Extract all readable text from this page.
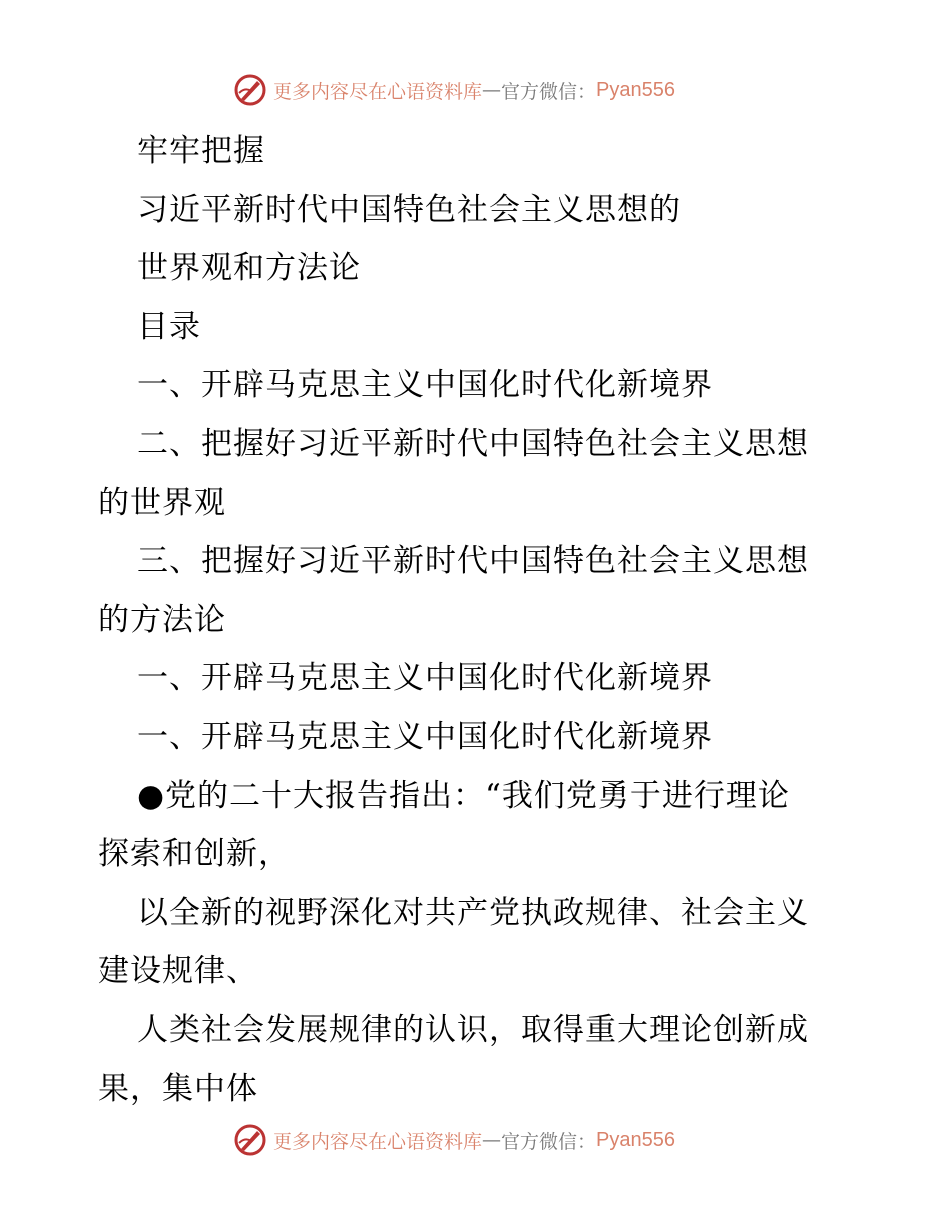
更多内容尽在心语资料库 — 官方微信： Pyan556
牢牢把握
习近平新时代中国特色社会主义思想的
世界观和方法论
目录
一、开辟马克思主义中国化时代化新境界
二、把握好习近平新时代中国特色社会主义思想
的世界观
三、把握好习近平新时代中国特色社会主义思想
的方法论
一、开辟马克思主义中国化时代化新境界
一、开辟马克思主义中国化时代化新境界
●党的二十大报告指出：“我们党勇于进行理论
探索和创新，
以全新的视野深化对共产党执政规律、社会主义
建设规律、
人类社会发展规律的认识，取得重大理论创新成
果，集中体
更多内容尽在心语资料库 — 官方微信： Pyan556
